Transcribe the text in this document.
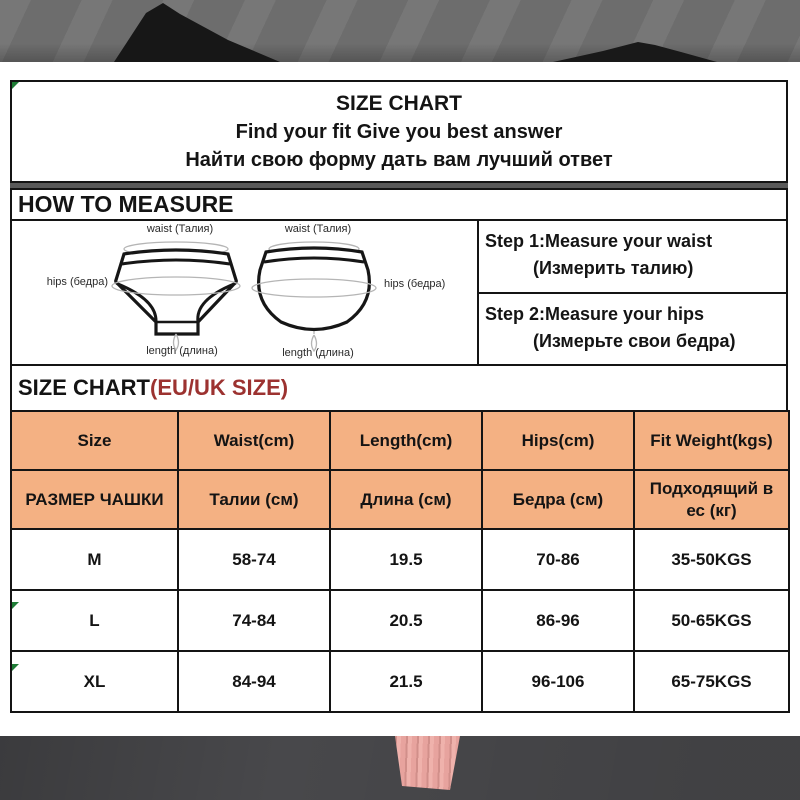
SIZE CHART
Find your fit Give you best answer
Найти свою форму дать вам лучший ответ
HOW TO MEASURE
waist (Талия)	waist (Талия)
hips (бедра)	hips (бедра)
length (длина)	length (длина)
Step 1:Measure your waist
(Измерить талию)
Step 2:Measure your hips
(Измерьте свои бедра)
SIZE CHART (EU/UK SIZE)
Size	Waist(cm)	Length(cm)	Hips(cm)	Fit Weight(kgs)
РАЗМЕР ЧАШКИ	Талии (см)	Длина (см)	Бедра (см)	Подходящий в ес (кг)
M	58-74	19.5	70-86	35-50KGS
L	74-84	20.5	86-96	50-65KGS
XL	84-94	21.5	96-106	65-75KGS
